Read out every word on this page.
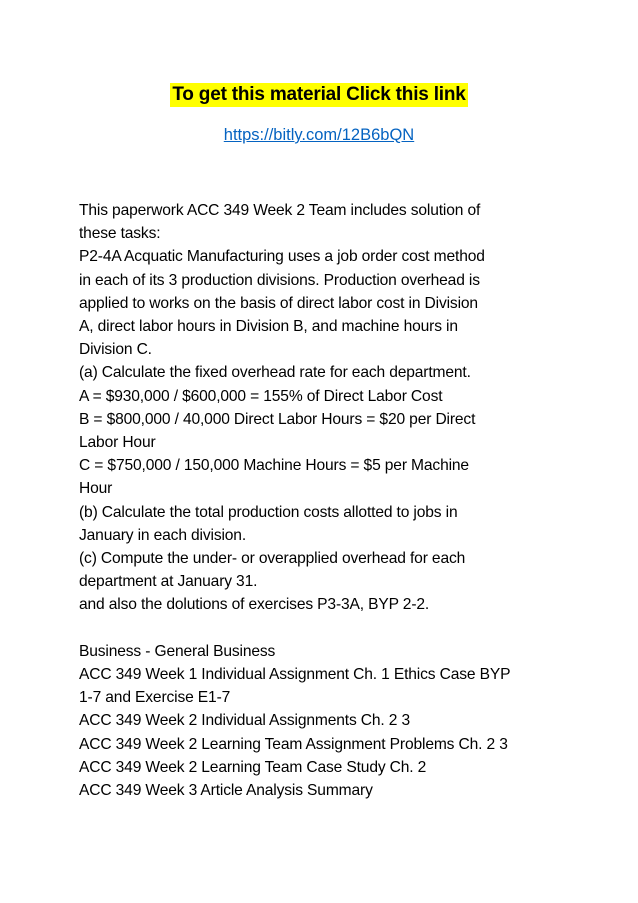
To get this material Click this link
https://bitly.com/12B6bQN
This paperwork ACC 349 Week 2 Team includes solution of
these tasks:
P2-4A Acquatic Manufacturing uses a job order cost method
in each of its 3 production divisions. Production overhead is
applied to works on the basis of direct labor cost in Division
A, direct labor hours in Division B, and machine hours in
Division C.
(a) Calculate the fixed overhead rate for each department.
A = $930,000 / $600,000 = 155% of Direct Labor Cost
B = $800,000 / 40,000 Direct Labor Hours = $20 per Direct
Labor Hour
C = $750,000 / 150,000 Machine Hours = $5 per Machine
Hour
(b) Calculate the total production costs allotted to jobs in
January in each division.
(c) Compute the under- or overapplied overhead for each
department at January 31.
and also the dolutions of exercises P3-3A, BYP 2-2.
Business - General Business
ACC 349 Week 1 Individual Assignment Ch. 1 Ethics Case BYP
1-7 and Exercise E1-7
ACC 349 Week 2 Individual Assignments Ch. 2 3
ACC 349 Week 2 Learning Team Assignment Problems Ch. 2 3
ACC 349 Week 2 Learning Team Case Study Ch. 2
ACC 349 Week 3 Article Analysis Summary
